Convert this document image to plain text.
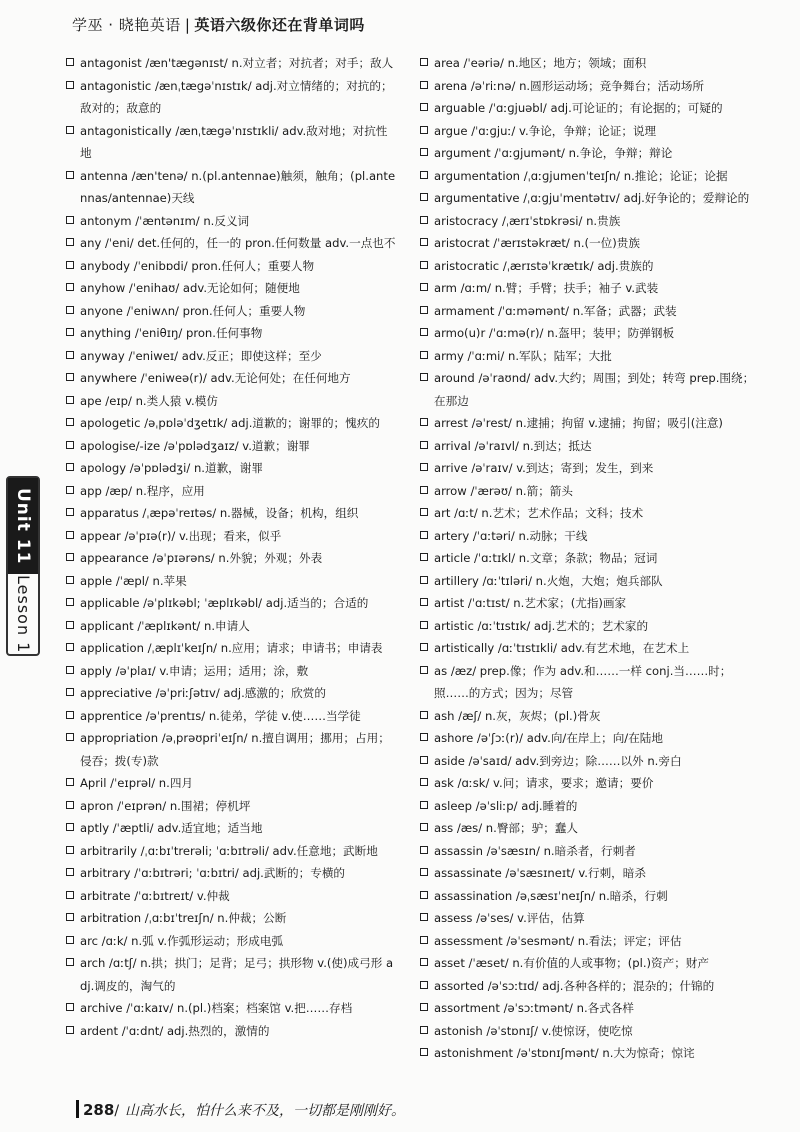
学巫 · 晓艳英语 | 英语六级你还在背单词吗
antagonist /æn'tægənɪst/ n.对立者；对抗者；对手；敌人
antagonistic /ænˌtægəˈnɪstɪk/ adj.对立情绪的；对抗的；敌对的；敌意的
antagonistically /ænˌtægəˈnɪstɪkli/ adv.敌对地；对抗性地
antenna /æn'tenə/ n.(pl.antennae)触须，触角；(pl.antennas/antennae)天线
antonym /ˈæntənɪm/ n.反义词
any /ˈeni/ det.任何的，任一的 pron.任何数量 adv.一点也不
anybody /ˈenibɒdi/ pron.任何人；重要人物
anyhow /ˈenihaʊ/ adv.无论如何；随便地
anyone /ˈeniwʌn/ pron.任何人；重要人物
anything /ˈeniθɪŋ/ pron.任何事物
anyway /ˈeniweɪ/ adv.反正；即使这样；至少
anywhere /ˈeniweə(r)/ adv.无论何处；在任何地方
ape /eɪp/ n.类人猿 v.模仿
apologetic /əˌpɒləˈdʒetɪk/ adj.道歉的；谢罪的；愧疚的
apologise/-ize /əˈpɒlədʒaɪz/ v.道歉；谢罪
apology /əˈpɒlədʒi/ n.道歉，谢罪
app /æp/ n.程序，应用
apparatus /ˌæpəˈreɪtəs/ n.器械，设备；机构，组织
appear /əˈpɪə(r)/ v.出现；看来，似乎
appearance /əˈpɪərəns/ n.外貌；外观；外表
apple /ˈæpl/ n.苹果
applicable /əˈplɪkəbl; ˈæplɪkəbl/ adj.适当的；合适的
applicant /ˈæplɪkənt/ n.申请人
application /ˌæplɪˈkeɪʃn/ n.应用；请求；申请书；申请表
apply /əˈplaɪ/ v.申请；运用；适用；涂，敷
appreciative /əˈpriːʃətɪv/ adj.感激的；欣赏的
apprentice /əˈprentɪs/ n.徒弟，学徒 v.使……当学徒
appropriation /əˌprəʊpriˈeɪʃn/ n.擅自调用；挪用；占用；侵吞；拨(专)款
April /ˈeɪprəl/ n.四月
apron /ˈeɪprən/ n.围裙；停机坪
aptly /ˈæptli/ adv.适宜地；适当地
arbitrarily /ˌɑːbɪˈtrerəli; ˈɑːbɪtrəli/ adv.任意地；武断地
arbitrary /ˈɑːbɪtrəri; ˈɑːbɪtri/ adj.武断的；专横的
arbitrate /ˈɑːbɪtreɪt/ v.仲裁
arbitration /ˌɑːbɪˈtreɪʃn/ n.仲裁；公断
arc /ɑːk/ n.弧 v.作弧形运动；形成电弧
arch /ɑːtʃ/ n.拱；拱门；足背；足弓；拱形物 v.(使)成弓形 adj.调皮的，淘气的
archive /ˈɑːkaɪv/ n.(pl.)档案；档案馆 v.把……存档
ardent /ˈɑːdnt/ adj.热烈的，激情的
area /ˈeəriə/ n.地区；地方；领域；面积
arena /əˈriːnə/ n.圆形运动场；竞争舞台；活动场所
arguable /ˈɑːɡjuəbl/ adj.可论证的；有论据的；可疑的
argue /ˈɑːɡjuː/ v.争论，争辩；论证；说理
argument /ˈɑːɡjumənt/ n.争论，争辩；辩论
argumentation /ˌɑːɡjumenˈteɪʃn/ n.推论；论证；论据
argumentative /ˌɑːɡjuˈmentətɪv/ adj.好争论的；爱辩论的
aristocracy /ˌærɪˈstɒkrəsi/ n.贵族
aristocrat /ˈærɪstəkræt/ n.(一位)贵族
aristocratic /ˌærɪstəˈkrætɪk/ adj.贵族的
arm /ɑːm/ n.臂；手臂；扶手；袖子 v.武装
armament /ˈɑːməmənt/ n.军备；武器；武装
armo(u)r /ˈɑːmə(r)/ n.盔甲；装甲；防弹钢板
army /ˈɑːmi/ n.军队；陆军；大批
around /əˈraʊnd/ adv.大约；周围；到处；转弯 prep.围绕；在那边
arrest /əˈrest/ n.逮捕；拘留 v.逮捕；拘留；吸引(注意)
arrival /əˈraɪvl/ n.到达；抵达
arrive /əˈraɪv/ v.到达；寄到；发生，到来
arrow /ˈærəʊ/ n.箭；箭头
art /ɑːt/ n.艺术；艺术作品；文科；技术
artery /ˈɑːtəri/ n.动脉；干线
article /ˈɑːtɪkl/ n.文章；条款；物品；冠词
artillery /ɑːˈtɪləri/ n.火炮，大炮；炮兵部队
artist /ˈɑːtɪst/ n.艺术家；(尤指)画家
artistic /ɑːˈtɪstɪk/ adj.艺术的；艺术家的
artistically /ɑːˈtɪstɪkli/ adv.有艺术地，在艺术上
as /æz/ prep.像；作为 adv.和……一样 conj.当……时；照……的方式；因为；尽管
ash /æʃ/ n.灰，灰烬；(pl.)骨灰
ashore /əˈʃɔː(r)/ adv.向/在岸上；向/在陆地
aside /əˈsaɪd/ adv.到旁边；除……以外 n.旁白
ask /ɑːsk/ v.问；请求，要求；邀请；要价
asleep /əˈsliːp/ adj.睡着的
ass /æs/ n.臀部；驴；蠢人
assassin /əˈsæsɪn/ n.暗杀者，行刺者
assassinate /əˈsæsɪneɪt/ v.行刺，暗杀
assassination /əˌsæsɪˈneɪʃn/ n.暗杀，行刺
assess /əˈses/ v.评估，估算
assessment /əˈsesmənt/ n.看法；评定；评估
asset /ˈæset/ n.有价值的人或事物；(pl.)资产；财产
assorted /əˈsɔːtɪd/ adj.各种各样的；混杂的；什锦的
assortment /əˈsɔːtmənt/ n.各式各样
astonish /əˈstɒnɪʃ/ v.使惊讶，使吃惊
astonishment /əˈstɒnɪʃmənt/ n.大为惊奇；惊诧
Unit 11
Lesson 1
288/ 山高水长，怕什么来不及，一切都是刚刚好。
